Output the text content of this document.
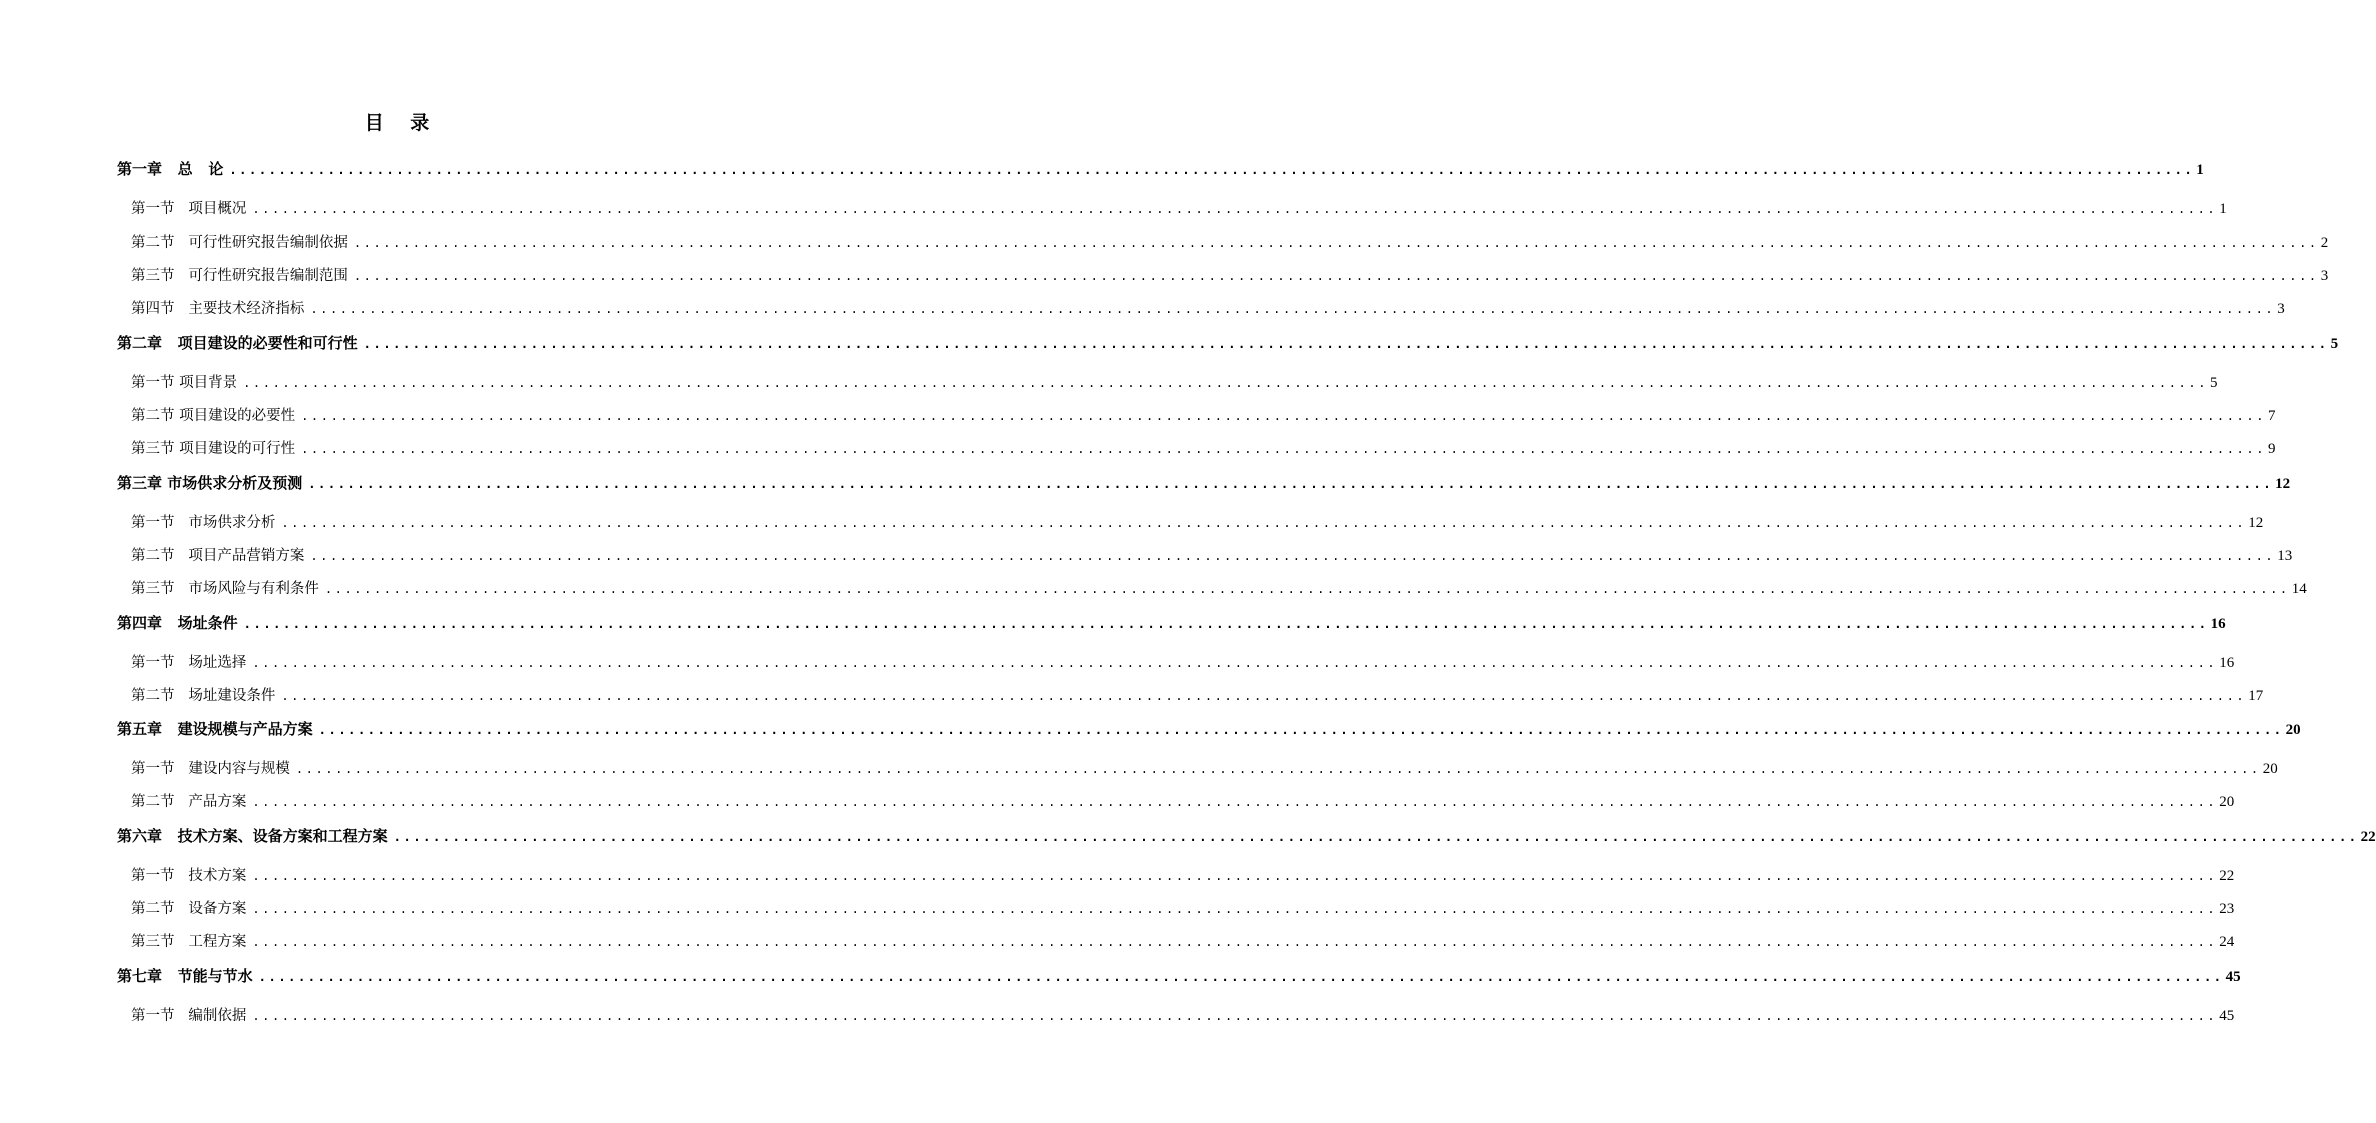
目    录
第一章   总   论 ........................................................................................................................................................................................................ 1
第一节   项目概况 ........................................................................................................................................................................................................ 1
第二节   可行性研究报告编制依据 ........................................................................................................................................................................................................ 2
第三节   可行性研究报告编制范围 ........................................................................................................................................................................................................ 3
第四节   主要技术经济指标 ........................................................................................................................................................................................................ 3
第二章   项目建设的必要性和可行性 ........................................................................................................................................................................................................ 5
第一节 项目背景 ........................................................................................................................................................................................................ 5
第二节 项目建设的必要性 ........................................................................................................................................................................................................ 7
第三节 项目建设的可行性 ........................................................................................................................................................................................................ 9
第三章 市场供求分析及预测 ........................................................................................................................................................................................................ 12
第一节   市场供求分析 ........................................................................................................................................................................................................ 12
第二节   项目产品营销方案 ........................................................................................................................................................................................................ 13
第三节   市场风险与有利条件 ........................................................................................................................................................................................................ 14
第四章   场址条件 ........................................................................................................................................................................................................ 16
第一节   场址选择 ........................................................................................................................................................................................................ 16
第二节   场址建设条件 ........................................................................................................................................................................................................ 17
第五章   建设规模与产品方案 ........................................................................................................................................................................................................ 20
第一节   建设内容与规模 ........................................................................................................................................................................................................ 20
第二节   产品方案 ........................................................................................................................................................................................................ 20
第六章   技术方案、设备方案和工程方案 ........................................................................................................................................................................................................ 22
第一节   技术方案 ........................................................................................................................................................................................................ 22
第二节   设备方案 ........................................................................................................................................................................................................ 23
第三节   工程方案 ........................................................................................................................................................................................................ 24
第七章   节能与节水 ........................................................................................................................................................................................................ 45
第一节   编制依据 ........................................................................................................................................................................................................ 45
